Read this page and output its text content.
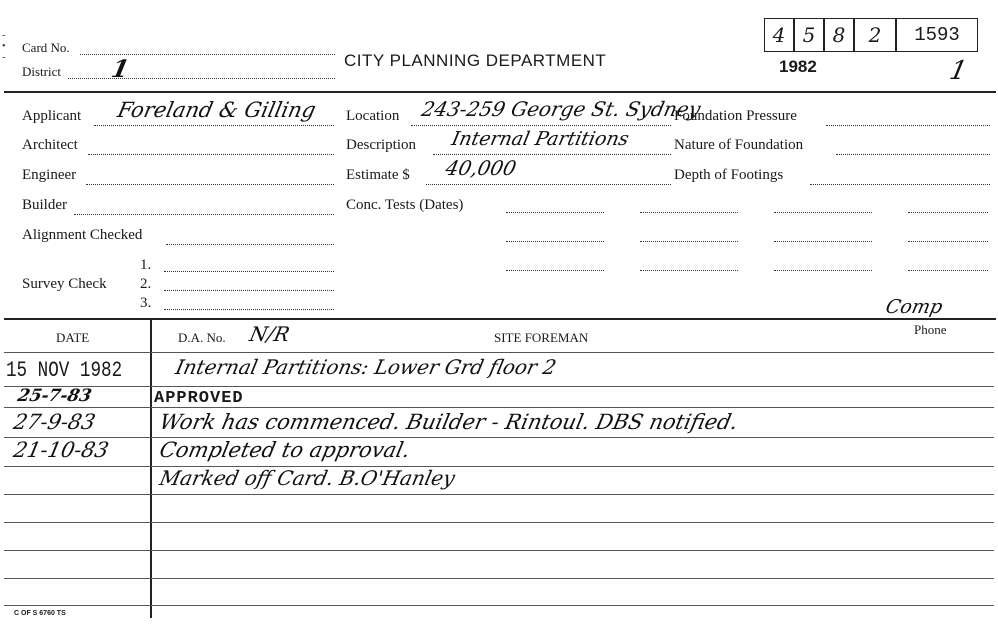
Card No.
District 1	CITY PLANNING DEPARTMENT	1982	1
4 5 8	2	1593
-
•
-
Applicant Foreland & Gilling
Architect
Engineer
Builder
Alignment Checked
Survey Check
1.
2.
3.
Location 243-259 George St. Sydney
Description Internal Partitions
Estimate $ 40,000
Conc. Tests (Dates)
Foundation Pressure
Nature of Foundation
Depth of Footings
Comp
DATE	D.A. No. N/R	SITE FOREMAN
Phone
15 NOV 1982	Internal Partitions: Lower Grd floor 2
25-7-83	APPROVED
27-9-83	Work has commenced. Builder - Rintoul. DBS notified.
21-10-83 Completed to approval.
Marked off Card. B.O'Hanley
C OF S 6760 TS
